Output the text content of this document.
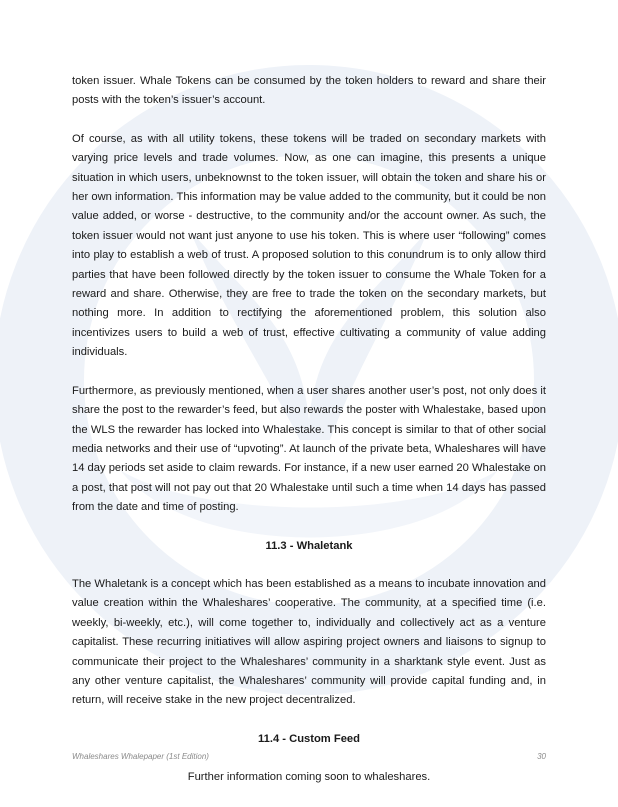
token issuer. Whale Tokens can be consumed by the token holders to reward and share their posts with the token’s issuer’s account.

Of course, as with all utility tokens, these tokens will be traded on secondary markets with varying price levels and trade volumes. Now, as one can imagine, this presents a unique situation in which users, unbeknownst to the token issuer, will obtain the token and share his or her own information. This information may be value added to the community, but it could be non value added, or worse - destructive, to the community and/or the account owner. As such, the token issuer would not want just anyone to use his token. This is where user “following” comes into play to establish a web of trust. A proposed solution to this conundrum is to only allow third parties that have been followed directly by the token issuer to consume the Whale Token for a reward and share. Otherwise, they are free to trade the token on the secondary markets, but nothing more. In addition to rectifying the aforementioned problem, this solution also incentivizes users to build a web of trust, effective cultivating a community of value adding individuals.

Furthermore, as previously mentioned, when a user shares another user’s post, not only does it share the post to the rewarder’s feed, but also rewards the poster with Whalestake, based upon the WLS the rewarder has locked into Whalestake. This concept is similar to that of other social media networks and their use of “upvoting”. At launch of the private beta, Whaleshares will have 14 day periods set aside to claim rewards. For instance, if a new user earned 20 Whalestake on a post, that post will not pay out that 20 Whalestake until such a time when 14 days has passed from the date and time of posting.

11.3 - Whaletank

The Whaletank is a concept which has been established as a means to incubate innovation and value creation within the Whaleshares’ cooperative. The community, at a specified time (i.e. weekly, bi-weekly, etc.), will come together to, individually and collectively act as a venture capitalist. These recurring initiatives will allow aspiring project owners and liaisons to signup to communicate their project to the Whaleshares’ community in a sharktank style event. Just as any other venture capitalist, the Whaleshares’ community will provide capital funding and, in return, will receive stake in the new project decentralized.

11.4 - Custom Feed

Further information coming soon to whaleshares.

Whaleshares Whalepaper (1st Edition)	30
